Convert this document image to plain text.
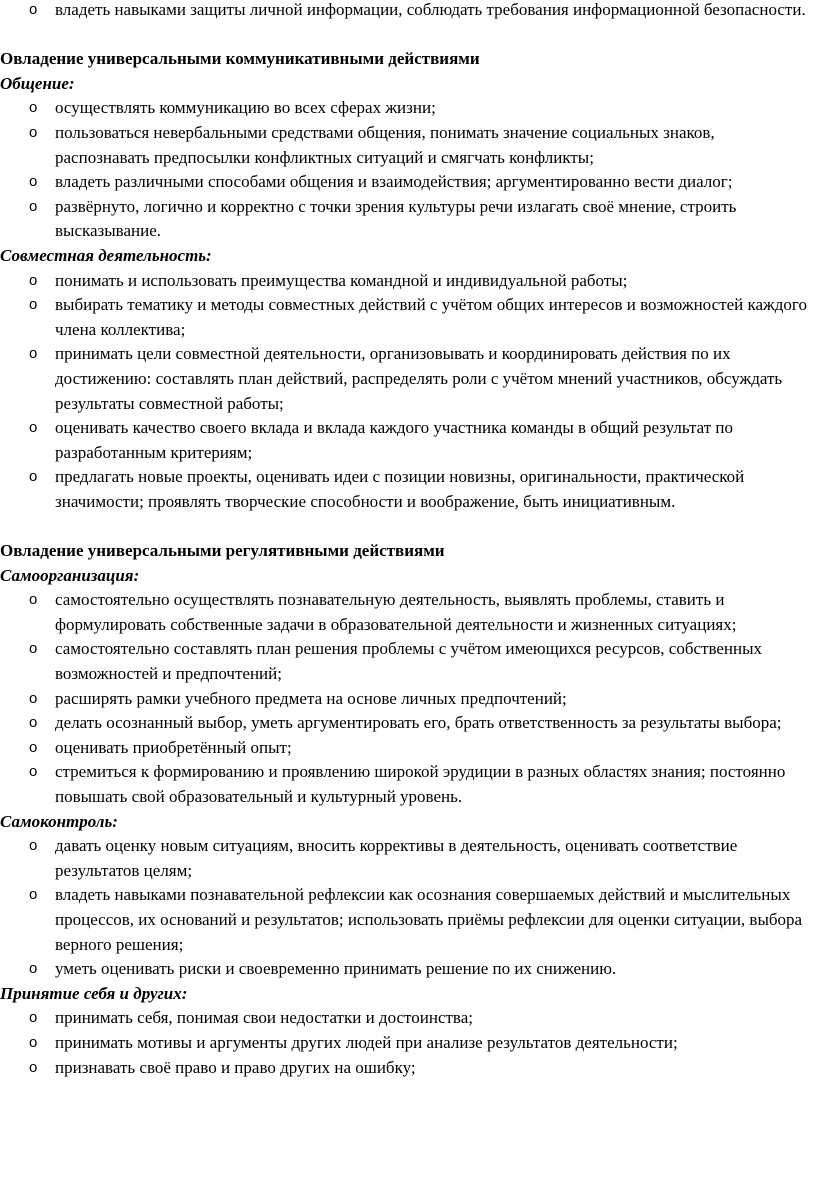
o владеть навыками защиты личной информации, соблюдать требования информационной безопасности.

Овладение универсальными коммуникативными действиями

Общение:

o осуществлять коммуникацию во всех сферах жизни;
o пользоваться невербальными средствами общения, понимать значение социальных знаков, распознавать предпосылки конфликтных ситуаций и смягчать конфликты;
o владеть различными способами общения и взаимодействия; аргументированно вести диалог;
o развёрнуто, логично и корректно с точки зрения культуры речи излагать своё мнение, строить высказывание.

Совместная деятельность:

o понимать и использовать преимущества командной и индивидуальной работы;
o выбирать тематику и методы совместных действий с учётом общих интересов и возможностей каждого члена коллектива;
o принимать цели совместной деятельности, организовывать и координировать действия по их достижению: составлять план действий, распределять роли с учётом мнений участников, обсуждать результаты совместной работы;
o оценивать качество своего вклада и вклада каждого участника команды в общий результат по разработанным критериям;
o предлагать новые проекты, оценивать идеи с позиции новизны, оригинальности, практической значимости; проявлять творческие способности и воображение, быть инициативным.

Овладение универсальными регулятивными действиями

Самоорганизация:

o самостоятельно осуществлять познавательную деятельность, выявлять проблемы, ставить и формулировать собственные задачи в образовательной деятельности и жизненных ситуациях;
o самостоятельно составлять план решения проблемы с учётом имеющихся ресурсов, собственных возможностей и предпочтений;
o расширять рамки учебного предмета на основе личных предпочтений;
o делать осознанный выбор, уметь аргументировать его, брать ответственность за результаты выбора;
o оценивать приобретённый опыт;
o стремиться к формированию и проявлению широкой эрудиции в разных областях знания; постоянно повышать свой образовательный и культурный уровень.

Самоконтроль:

o давать оценку новым ситуациям, вносить коррективы в деятельность, оценивать соответствие результатов целям;
o владеть навыками познавательной рефлексии как осознания совершаемых действий и мыслительных процессов, их оснований и результатов; использовать приёмы рефлексии для оценки ситуации, выбора верного решения;
o уметь оценивать риски и своевременно принимать решение по их снижению.

Принятие себя и других:

o принимать себя, понимая свои недостатки и достоинства;
o принимать мотивы и аргументы других людей при анализе результатов деятельности;
o признавать своё право и право других на ошибку;
